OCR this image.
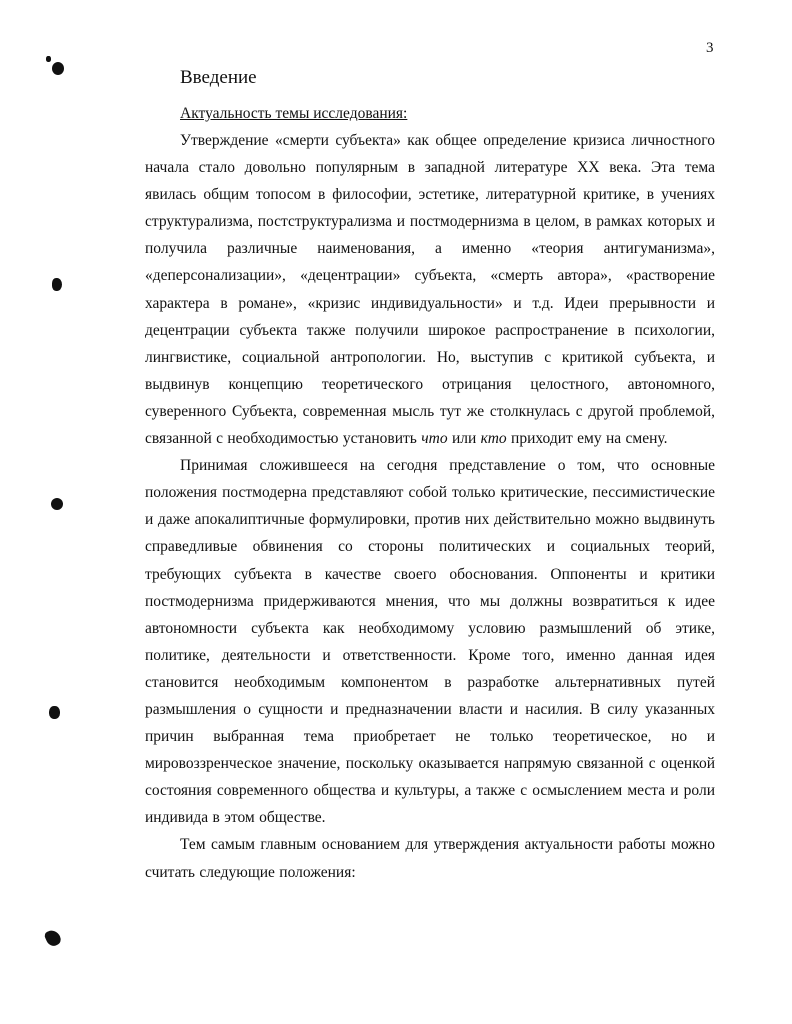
3
Введение
Актуальность темы исследования:

Утверждение «смерти субъекта» как общее определение кризиса личностного начала стало довольно популярным в западной литературе XX века. Эта тема явилась общим топосом в философии, эстетике, литературной критике, в учениях структурализма, постструктурализма и постмодернизма в целом, в рамках которых и получила различные наименования, а именно «теория антигуманизма», «деперсонализации», «децентрации» субъекта, «смерть автора», «растворение характера в романе», «кризис индивидуальности» и т.д. Идеи прерывности и децентрации субъекта также получили широкое распространение в психологии, лингвистике, социальной антропологии. Но, выступив с критикой субъекта, и выдвинув концепцию теоретического отрицания целостного, автономного, суверенного Субъекта, современная мысль тут же столкнулась с другой проблемой, связанной с необходимостью установить что или кто приходит ему на смену.

Принимая сложившееся на сегодня представление о том, что основные положения постмодерна представляют собой только критические, пессимистические и даже апокалиптичные формулировки, против них действительно можно выдвинуть справедливые обвинения со стороны политических и социальных теорий, требующих субъекта в качестве своего обоснования. Оппоненты и критики постмодернизма придерживаются мнения, что мы должны возвратиться к идее автономности субъекта как необходимому условию размышлений об этике, политике, деятельности и ответственности. Кроме того, именно данная идея становится необходимым компонентом в разработке альтернативных путей размышления о сущности и предназначении власти и насилия. В силу указанных причин выбранная тема приобретает не только теоретическое, но и мировоззренческое значение, поскольку оказывается напрямую связанной с оценкой состояния современного общества и культуры, а также с осмыслением места и роли индивида в этом обществе.

Тем самым главным основанием для утверждения актуальности работы можно считать следующие положения:
